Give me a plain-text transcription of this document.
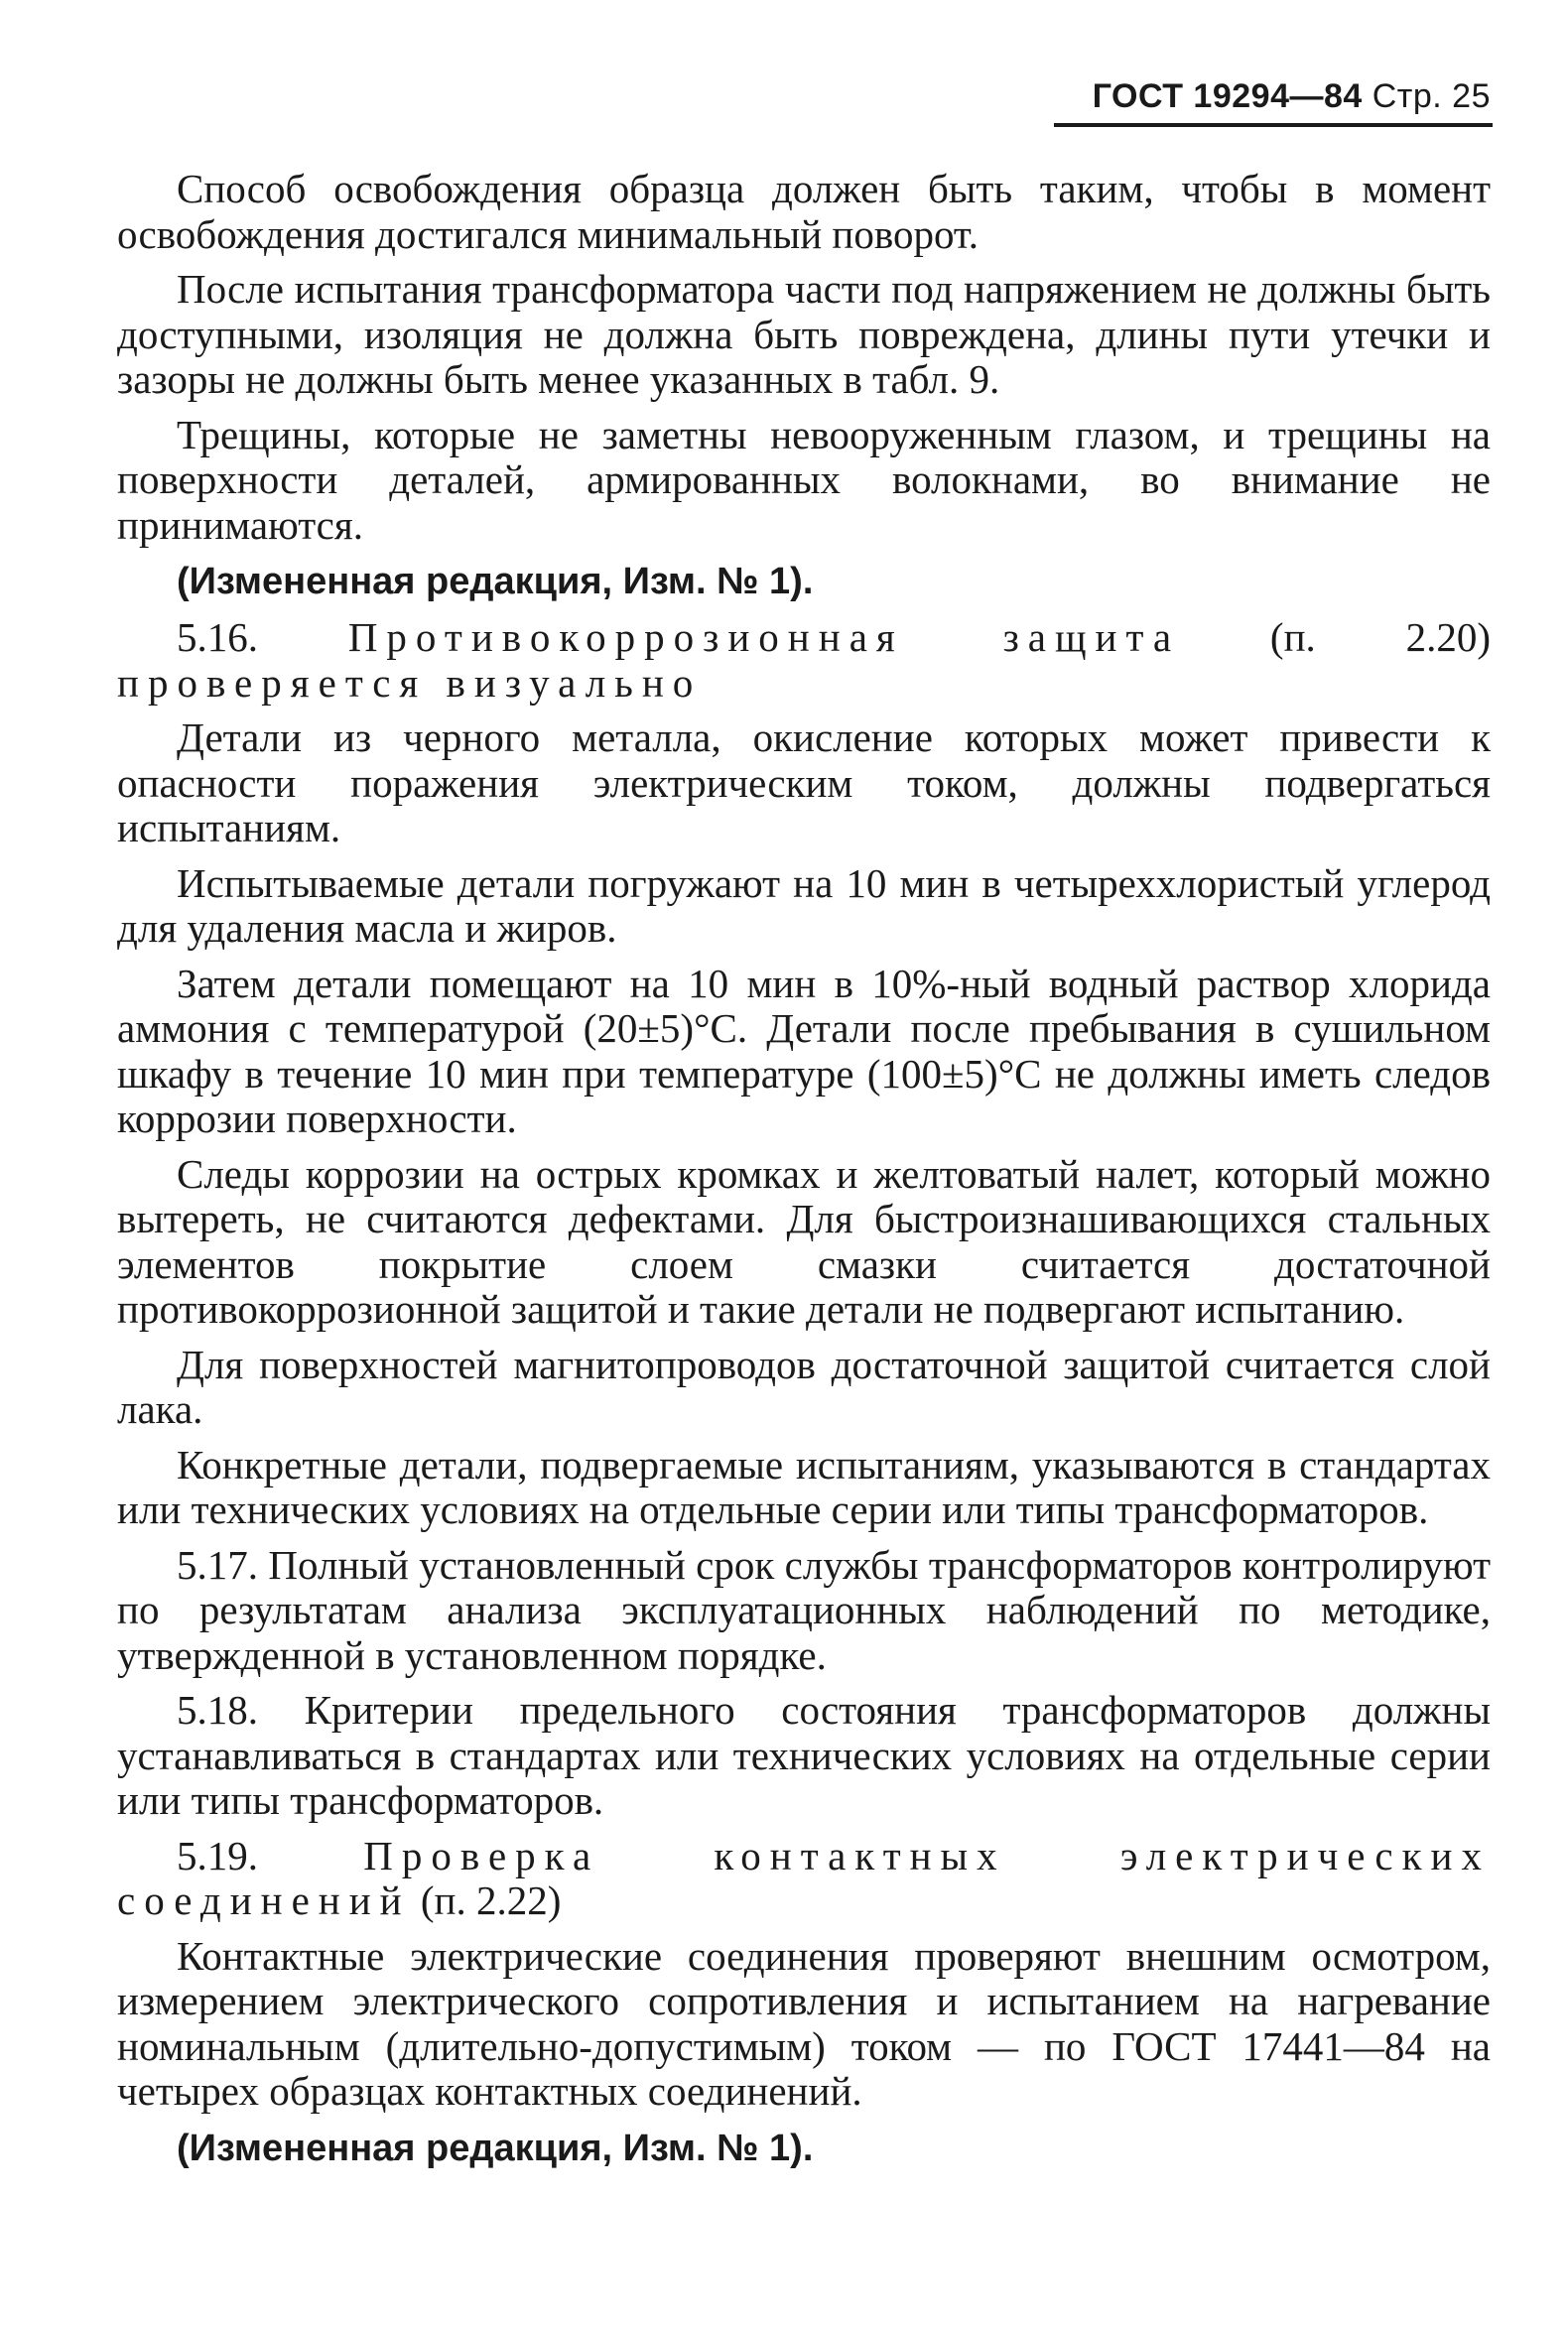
ГОСТ 19294—84 Стр. 25

Способ освобождения образца должен быть таким, чтобы в момент освобождения достигался минимальный поворот.

После испытания трансформатора части под напряжением не должны быть доступными, изоляция не должна быть повреждена, длины пути утечки и зазоры не должны быть менее указанных в табл. 9.

Трещины, которые не заметны невооруженным глазом, и трещины на поверхности деталей, армированных волокнами, во внимание не принимаются.

(Измененная редакция, Изм. № 1).

5.16. Противокоррозионная защита (п. 2.20) проверяется визуально

Детали из черного металла, окисление которых может привести к опасности поражения электрическим током, должны подвергаться испытаниям.

Испытываемые детали погружают на 10 мин в четыреххлористый углерод для удаления масла и жиров.

Затем детали помещают на 10 мин в 10%-ный водный раствор хлорида аммония с температурой (20±5)°С. Детали после пребывания в сушильном шкафу в течение 10 мин при температуре (100±5)°С не должны иметь следов коррозии поверхности.

Следы коррозии на острых кромках и желтоватый налет, который можно вытереть, не считаются дефектами. Для быстроизнашивающихся стальных элементов покрытие слоем смазки считается достаточной противокоррозионной защитой и такие детали не подвергают испытанию.

Для поверхностей магнитопроводов достаточной защитой считается слой лака.

Конкретные детали, подвергаемые испытаниям, указываются в стандартах или технических условиях на отдельные серии или типы трансформаторов.

5.17. Полный установленный срок службы трансформаторов контролируют по результатам анализа эксплуатационных наблюдений по методике, утвержденной в установленном порядке.

5.18. Критерии предельного состояния трансформаторов должны устанавливаться в стандартах или технических условиях на отдельные серии или типы трансформаторов.

5.19.	Проверка контактных электрических соединений (п. 2.22)

Контактные электрические соединения проверяют внешним осмотром, измерением электрического сопротивления и испытанием на нагревание номинальным (длительно-допустимым) током — по ГОСТ 17441—84 на четырех образцах контактных соединений.

(Измененная редакция, Изм. № 1).
